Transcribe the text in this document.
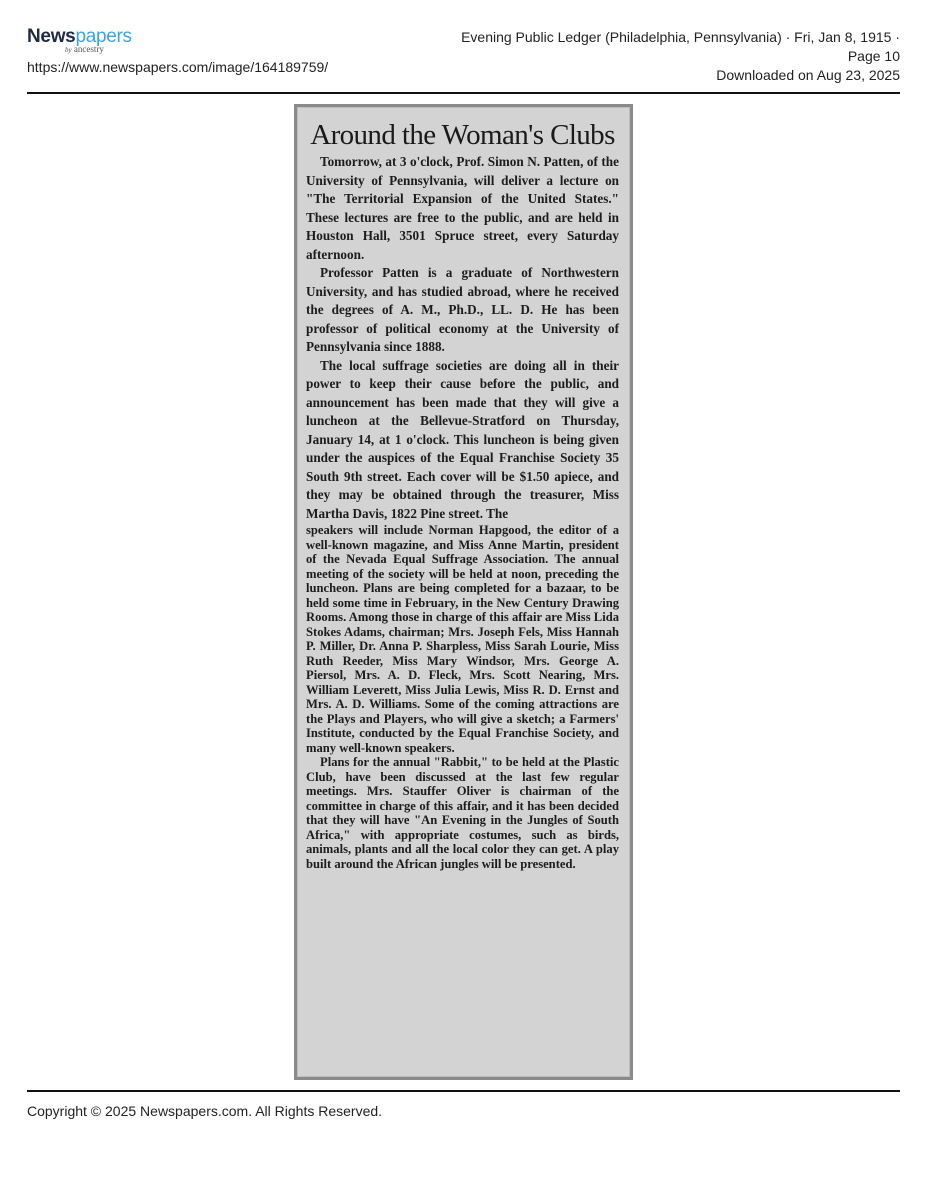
Newspapers
by ancestry
https://www.newspapers.com/image/164189759/
Evening Public Ledger (Philadelphia, Pennsylvania) · Fri, Jan 8, 1915 ·
Page 10
Downloaded on Aug 23, 2025
Around the Woman's Clubs

Tomorrow, at 3 o'clock, Prof. Simon N. Patten, of the University of Pennsylvania, will deliver a lecture on "The Territorial Expansion of the United States." These lectures are free to the public, and are held in Houston Hall, 3501 Spruce street, every Saturday afternoon.

Professor Patten is a graduate of Northwestern University, and has studied abroad, where he received the degrees of A. M., Ph.D., LL. D. He has been professor of political economy at the University of Pennsylvania since 1888.

The local suffrage societies are doing all in their power to keep their cause before the public, and announcement has been made that they will give a luncheon at the Bellevue-Stratford on Thursday, January 14, at 1 o'clock. This luncheon is being given under the auspices of the Equal Franchise Society 35 South 9th street. Each cover will be $1.50 apiece, and they may be obtained through the treasurer, Miss Martha Davis, 1822 Pine street. The

speakers will include Norman Hapgood, the editor of a well-known magazine, and Miss Anne Martin, president of the Nevada Equal Suffrage Association. The annual meeting of the society will be held at noon, preceding the luncheon. Plans are being completed for a bazaar, to be held some time in February, in the New Century Drawing Rooms. Among those in charge of this affair are Miss Lida Stokes Adams, chairman; Mrs. Joseph Fels, Miss Hannah P. Miller, Dr. Anna P. Sharpless, Miss Sarah Lourie, Miss Ruth Reeder, Miss Mary Windsor, Mrs. George A. Piersol, Mrs. A. D. Fleck, Mrs. Scott Nearing, Mrs. William Leverett, Miss Julia Lewis, Miss R. D. Ernst and Mrs. A. D. Williams. Some of the coming attractions are the Plays and Players, who will give a sketch; a Farmers' Institute, conducted by the Equal Franchise Society, and many well-known speakers.

Plans for the annual "Rabbit," to be held at the Plastic Club, have been discussed at the last few regular meetings. Mrs. Stauffer Oliver is chairman of the committee in charge of this affair, and it has been decided that they will have "An Evening in the Jungles of South Africa," with appropriate costumes, such as birds, animals, plants and all the local color they can get. A play built around the African jungles will be presented.

Copyright © 2025 Newspapers.com. All Rights Reserved.
